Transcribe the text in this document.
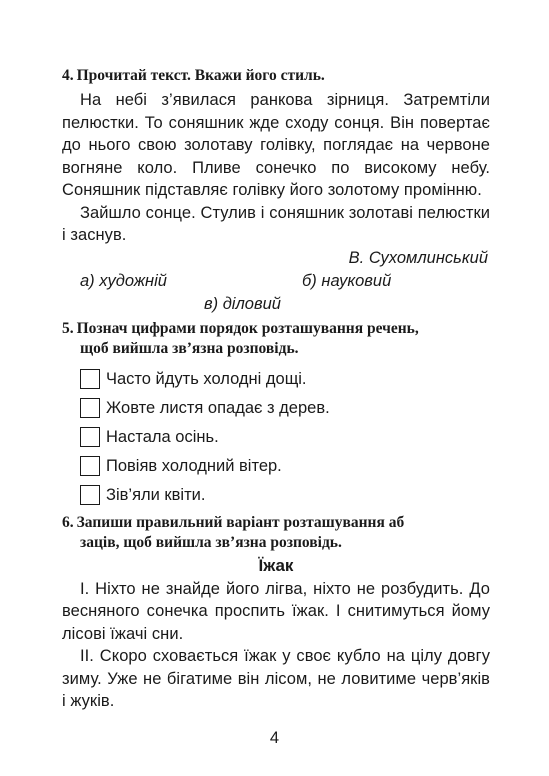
4. Прочитай текст. Вкажи його стиль.

На небі з’явилася ранкова зірниця. Затремтіли пелюстки. То соняшник жде сходу сонця. Він повертає до нього свою золотаву голівку, поглядає на червоне вогняне коло. Пливе сонечко по високому небу. Соняшник підставляє голівку його золотому промінню.

Зайшло сонце. Стулив і соняшник золотаві пелюстки і заснув.

В. Сухомлинський

а) художній	б) науковий
в) діловий

5. Познач цифрами порядок розташування речень,
щоб вийшла зв’язна розповідь.

Часто йдуть холодні дощі.
Жовте листя опадає з дерев.
Настала осінь.
Повіяв холодний вітер.
Зів’яли квіти.

6. Запиши правильний варіант розташування аб
заців, щоб вийшла зв’язна розповідь.

Їжак

І. Ніхто не знайде його лігва, ніхто не розбудить. До весняного сонечка проспить їжак. І снитимуться йому лісові їжачі сни.

ІІ. Скоро сховається їжак у своє кубло на цілу довгу зиму. Уже не бігатиме він лісом, не ловитиме черв’яків і жуків.

4
